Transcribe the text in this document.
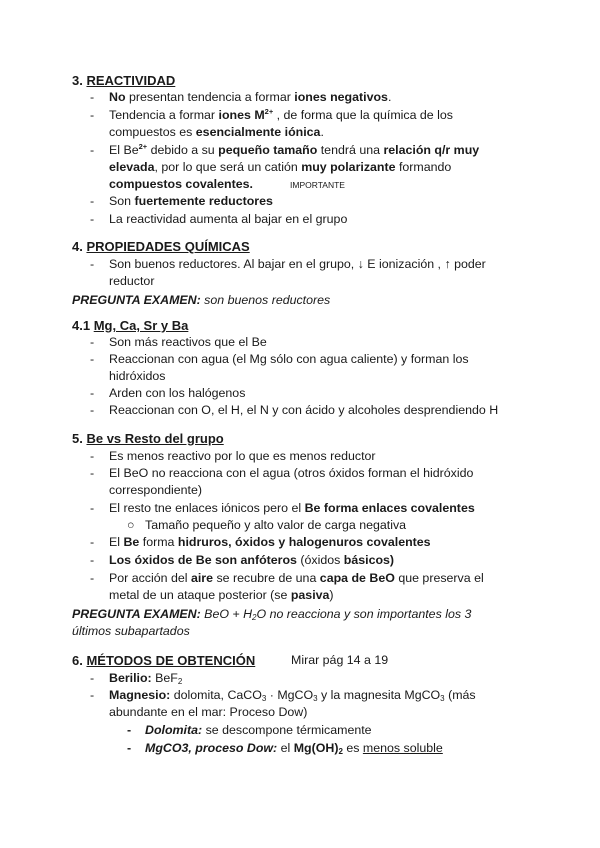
3. REACTIVIDAD
- No presentan tendencia a formar iones negativos.
- Tendencia a formar iones $M^{2+}$ , de forma que la química de los
compuestos es esencialmente iónica.
- El $Be^{2+}$ debido a su pequeño tamaño tendrá una relación q/r muy
elevada, por lo que será un catión muy polarizante formando
compuestos covalentes.	IMPORTANTE
- Son fuertemente reductores
- La reactividad aumenta al bajar en el grupo
4. PROPIEDADES QUÍMICAS
- Son buenos reductores. Al bajar en el grupo, ↓ E ionización , ↑ poder
reductor
PREGUNTA EXAMEN: son buenos reductores
4.1 Mg, Ca, Sr y Ba
- Son más reactivos que el Be
- Reaccionan con agua (el Mg sólo con agua caliente) y forman los
hidróxidos
- Arden con los halógenos
- Reaccionan con O, el H, el N y con ácido y alcoholes desprendiendo H
5. Be vs Resto del grupo
- Es menos reactivo por lo que es menos reductor
- El BeO no reacciona con el agua (otros óxidos forman el hidróxido
correspondiente)
- El resto tne enlaces iónicos pero el Be forma enlaces covalentes
○ Tamaño pequeño y alto valor de carga negativa
- El Be forma hidruros, óxidos y halogenuros covalentes
- Los óxidos de Be son anfóteros (óxidos básicos)
- Por acción del aire se recubre de una capa de BeO que preserva el
metal de un ataque posterior (se pasiva)
PREGUNTA EXAMEN: BeO + $H_2O$ no reacciona y son importantes los 3
últimos subapartados
6. MÉTODOS DE OBTENCIÓN	Mirar pág 14 a 19
- Berilio: BeF$_2$
- Magnesio: dolomita, CaCO$_3$ · MgCO$_3$ y la magnesita MgCO$_3$ (más
abundante en el mar: Proceso Dow)
- Dolomita: se descompone térmicamente
- MgCO3, proceso Dow: el $Mg(OH)_2$ es menos soluble
